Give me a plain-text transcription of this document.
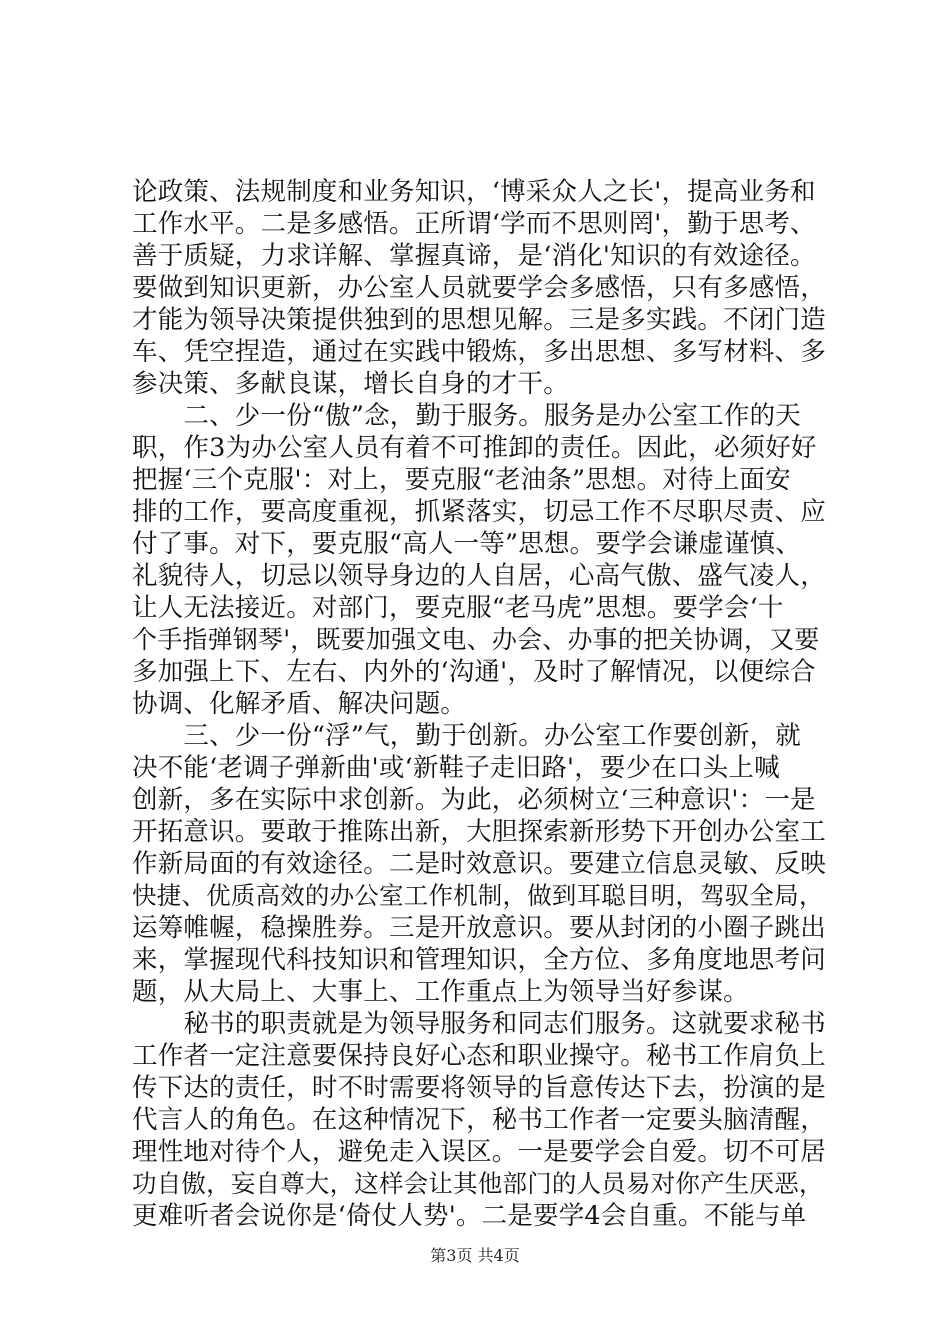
论政策、法规制度和业务知识，‘博采众人之长'，提高业务和
工作水平。二是多感悟。正所谓‘学而不思则罔'，勤于思考、
善于质疑，力求详解、掌握真谛，是‘消化'知识的有效途径。
要做到知识更新，办公室人员就要学会多感悟，只有多感悟，
才能为领导决策提供独到的思想见解。三是多实践。不闭门造
车、凭空捏造，通过在实践中锻炼，多出思想、多写材料、多
参决策、多献良谋，增长自身的才干。
　　二、少一份“傲”念，勤于服务。服务是办公室工作的天
职，作3为办公室人员有着不可推卸的责任。因此，必须好好
把握‘三个克服'：对上，要克服“老油条”思想。对待上面安
排的工作，要高度重视，抓紧落实，切忌工作不尽职尽责、应
付了事。对下，要克服“高人一等”思想。要学会谦虚谨慎、
礼貌待人，切忌以领导身边的人自居，心高气傲、盛气凌人，
让人无法接近。对部门，要克服“老马虎”思想。要学会‘十
个手指弹钢琴'，既要加强文电、办会、办事的把关协调，又要
多加强上下、左右、内外的‘沟通'，及时了解情况，以便综合
协调、化解矛盾、解决问题。
　　三、少一份“浮”气，勤于创新。办公室工作要创新，就
决不能‘老调子弹新曲'或‘新鞋子走旧路'，要少在口头上喊
创新，多在实际中求创新。为此，必须树立‘三种意识'：一是
开拓意识。要敢于推陈出新，大胆探索新形势下开创办公室工
作新局面的有效途径。二是时效意识。要建立信息灵敏、反映
快捷、优质高效的办公室工作机制，做到耳聪目明，驾驭全局，
运筹帷幄，稳操胜券。三是开放意识。要从封闭的小圈子跳出
来，掌握现代科技知识和管理知识，全方位、多角度地思考问
题，从大局上、大事上、工作重点上为领导当好参谋。
　　秘书的职责就是为领导服务和同志们服务。这就要求秘书
工作者一定注意要保持良好心态和职业操守。秘书工作肩负上
传下达的责任，时不时需要将领导的旨意传达下去，扮演的是
代言人的角色。在这种情况下，秘书工作者一定要头脑清醒，
理性地对待个人，避免走入误区。一是要学会自爱。切不可居
功自傲，妄自尊大，这样会让其他部门的人员易对你产生厌恶，
更难听者会说你是‘倚仗人势'。二是要学4会自重。不能与单
第3页 共4页
